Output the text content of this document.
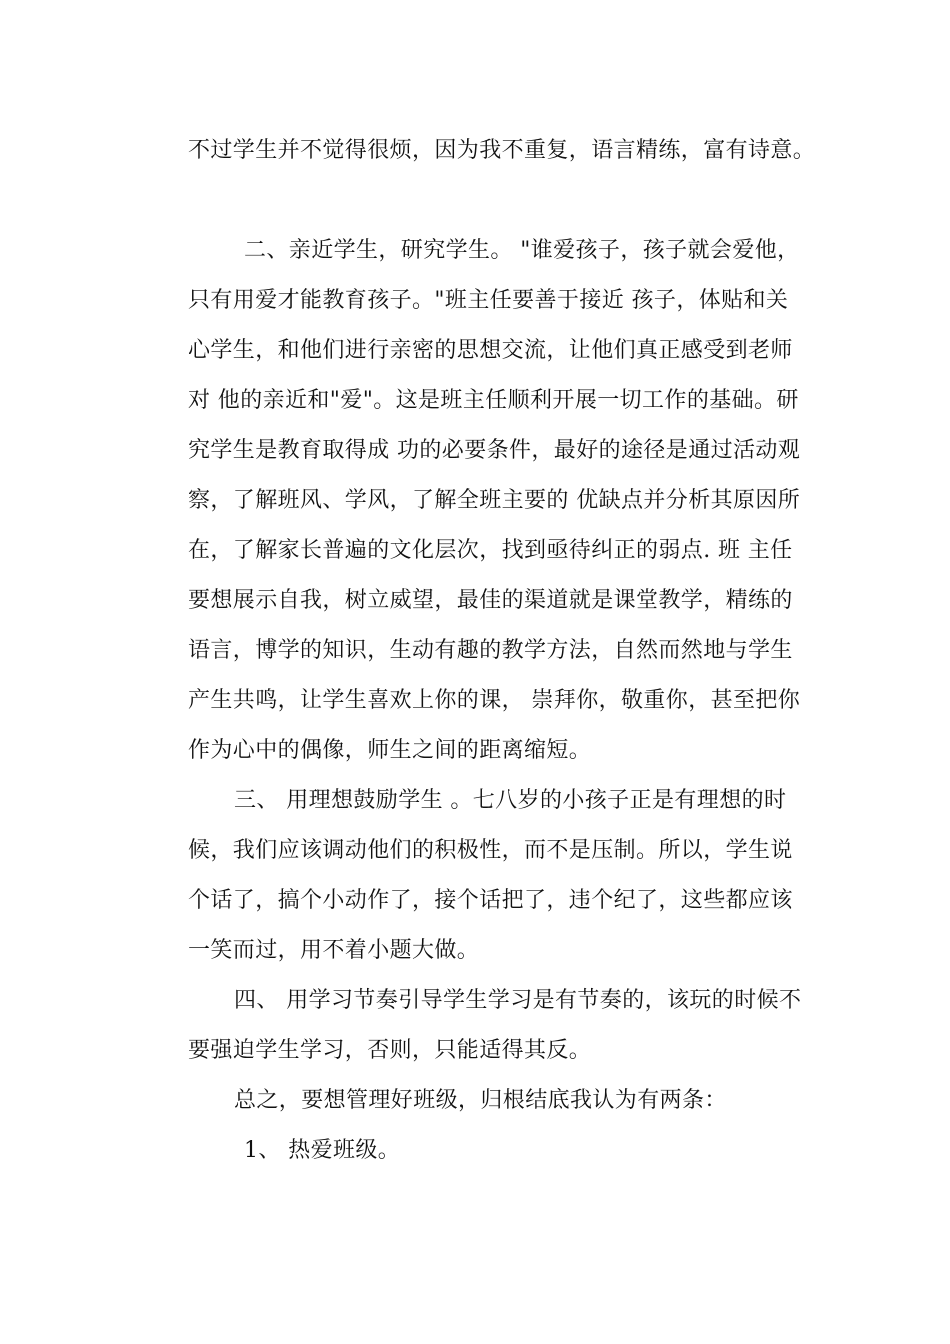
不过学生并不觉得很烦，因为我不重复，语言精练，富有诗意。
二、亲近学生，研究学生。 "谁爱孩子，孩子就会爱他，
只有用爱才能教育孩子。"班主任要善于接近 孩子，体贴和关
心学生，和他们进行亲密的思想交流，让他们真正感受到老师
对 他的亲近和"爱"。这是班主任顺利开展一切工作的基础。研
究学生是教育取得成 功的必要条件，最好的途径是通过活动观
察，了解班风、学风，了解全班主要的 优缺点并分析其原因所
在，了解家长普遍的文化层次，找到亟待纠正的弱点. 班 主任
要想展示自我，树立威望，最佳的渠道就是课堂教学，精练的
语言，博学的知识，生动有趣的教学方法，自然而然地与学生
产生共鸣，让学生喜欢上你的课， 崇拜你，敬重你，甚至把你
作为心中的偶像，师生之间的距离缩短。
三、 用理想鼓励学生 。七八岁的小孩子正是有理想的时
候，我们应该调动他们的积极性，而不是压制。所以，学生说
个话了，搞个小动作了，接个话把了，违个纪了，这些都应该
一笑而过，用不着小题大做。
四、 用学习节奏引导学生学习是有节奏的，该玩的时候不
要强迫学生学习，否则，只能适得其反。
总之，要想管理好班级，归根结底我认为有两条：
1、 热爱班级。
